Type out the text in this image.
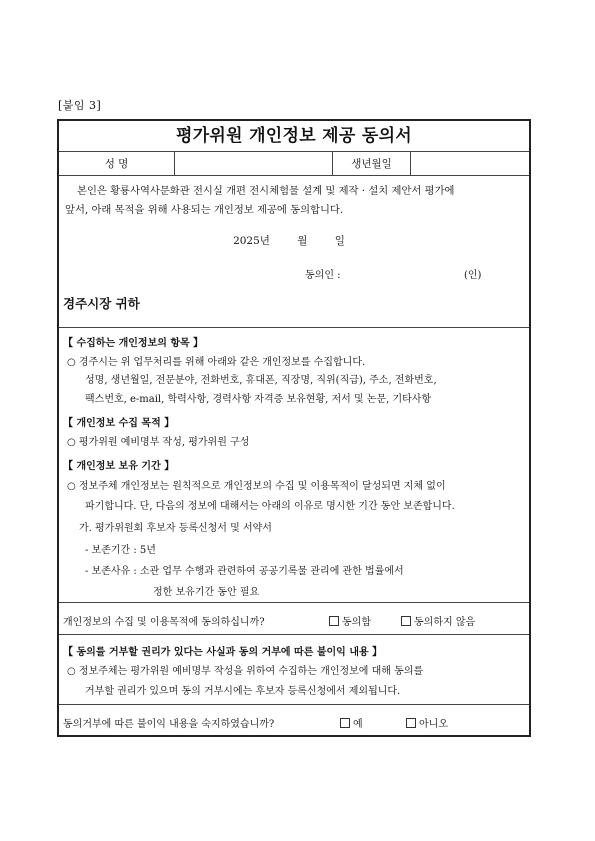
[붙임 3]
평가위원 개인정보 제공 동의서
성 명	생년월일
본인은 황룡사역사문화관 전시실 개편 전시체험물 설계 및 제작 · 설치 제안서 평가에
앞서, 아래 목적을 위해 사용되는 개인정보 제공에 동의합니다.
2025년	월	일
동의인 :	(인)
경주시장 귀하
【 수집하는 개인정보의 항목 】
○ 경주시는 위 업무처리를 위해 아래와 같은 개인정보를 수집합니다.
성명, 생년월일, 전문분야, 전화번호, 휴대폰, 직장명, 직위(직급), 주소, 전화번호,
팩스번호, e-mail, 학력사항, 경력사항 자격증 보유현황, 저서 및 논문, 기타사항
【 개인정보 수집 목적 】
○ 평가위원 예비명부 작성, 평가위원 구성
【 개인정보 보유 기간 】
○ 정보주체 개인정보는 원칙적으로 개인정보의 수집 및 이용목적이 달성되면 지체 없이
파기합니다. 단, 다음의 정보에 대해서는 아래의 이유로 명시한 기간 동안 보존합니다.
가. 평가위원회 후보자 등록신청서 및 서약서
- 보존기간 : 5년
- 보존사유 : 소관 업무 수행과 관련하여 공공기록물 관리에 관한 법률에서
정한 보유기간 동안 필요
개인정보의 수집 및 이용목적에 동의하십니까?	동의함	동의하지 않음
【 동의를 거부할 권리가 있다는 사실과 동의 거부에 따른 불이익 내용 】
○ 정보주체는 평가위원 예비명부 작성을 위하여 수집하는 개인정보에 대해 동의를
거부할 권리가 있으며 동의 거부시에는 후보자 등록신청에서 제외됩니다.
동의거부에 따른 불이익 내용을 숙지하였습니까?	예	아니오
